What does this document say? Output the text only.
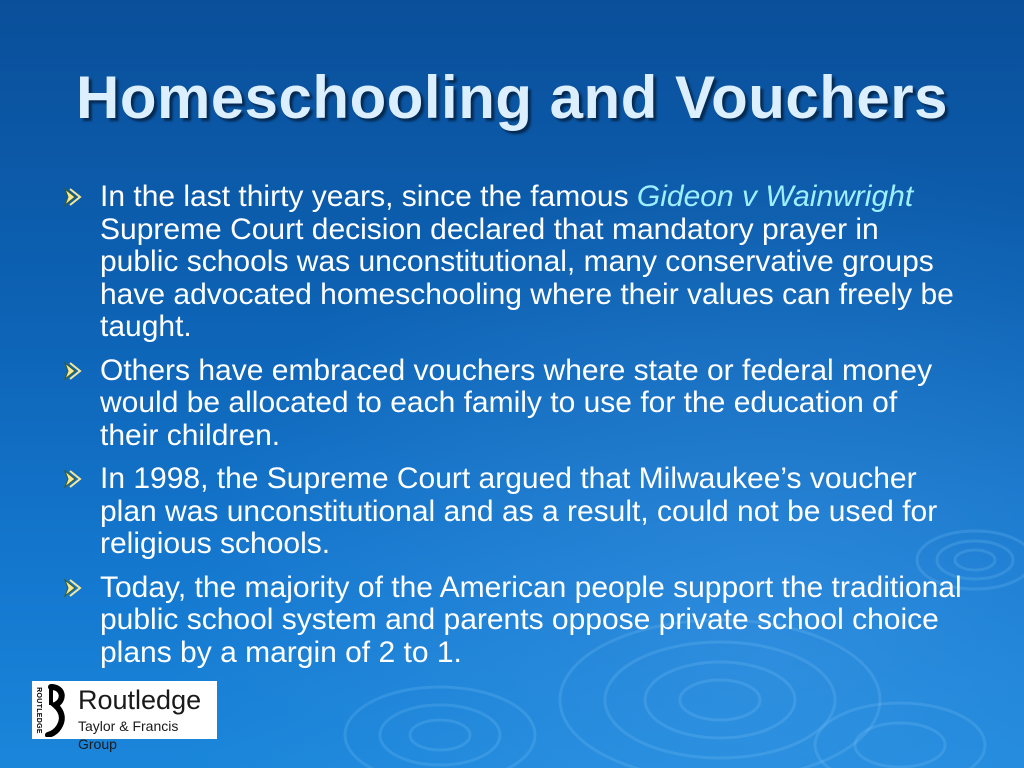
Homeschooling and Vouchers
In the last thirty years, since the famous Gideon v Wainwright Supreme Court decision declared that mandatory prayer in public schools was unconstitutional, many conservative groups have advocated homeschooling where their values can freely be taught.
Others have embraced vouchers where state or federal money would be allocated to each family to use for the education of their children.
In 1998, the Supreme Court argued that Milwaukee’s voucher plan was unconstitutional and as a result, could not be used for religious schools.
Today, the majority of the American people support the traditional public school system and parents oppose private school choice plans by a margin of 2 to 1.
ROUTLEDGE Routledge
Taylor & Francis Group
